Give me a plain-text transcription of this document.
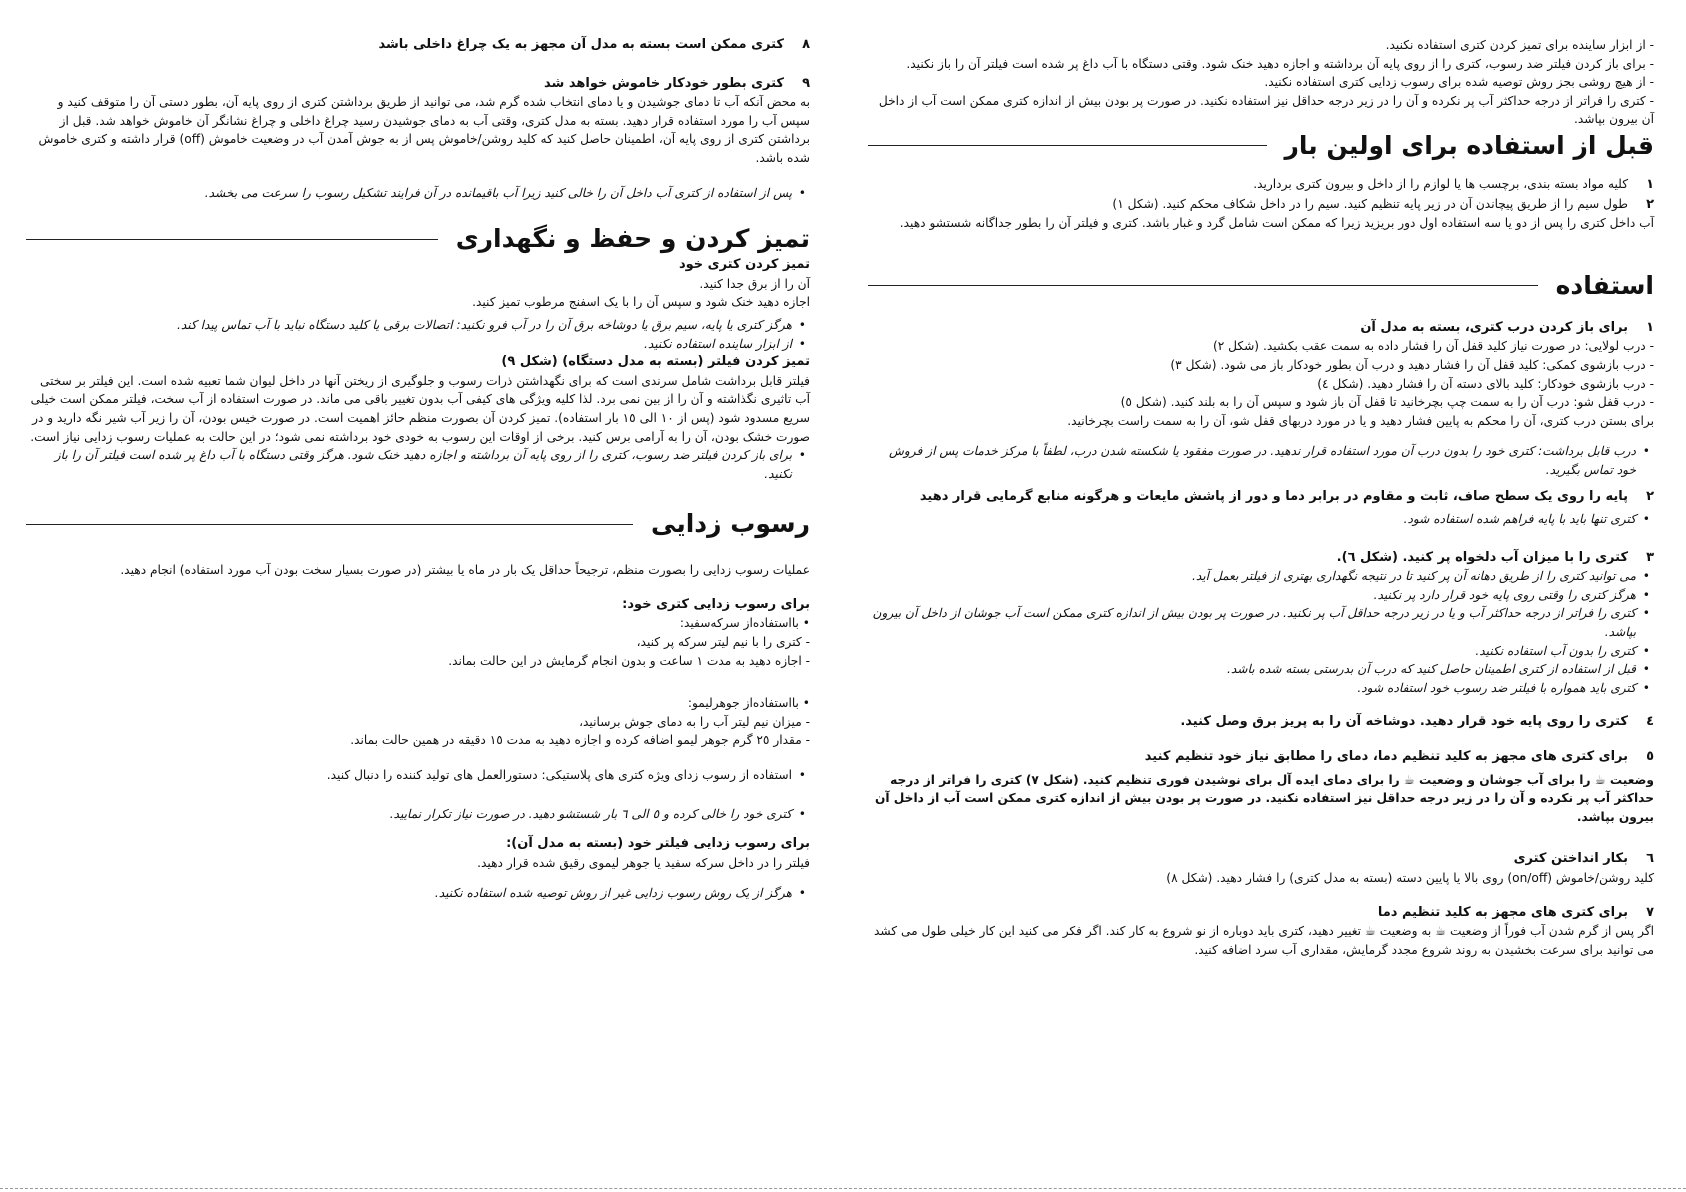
۸کتری ممکن است بسته به مدل آن مجهز به یک چراغ داخلی باشد

۹کتری بطور خودکار خاموش خواهد شد

به محض آنکه آب تا دمای جوشیدن و یا دمای انتخاب شده گرم شد، می توانید از طریق برداشتن کتری از روی پایه آن، بطور دستی آن را متوقف کنید و سپس آب را مورد استفاده قرار دهید. بسته به مدل کتری، وقتی آب به دمای جوشیدن رسید چراغ داخلی و چراغ نشانگر آن خاموش خواهد شد. قبل از برداشتن کتری از روی پایه آن، اطمینان حاصل کنید که کلید روشن/خاموش پس از به جوش آمدن آب در وضعیت خاموش (off) قرار داشته و کتری خاموش شده باشد.

• پس از استفاده از کتری آب داخل آن را خالی کنید زیرا آب باقیمانده در آن فرایند تشکیل رسوب را سرعت می بخشد.
تمیز کردن و حفظ و نگهداری

تمیز کردن کتری خود

آن را از برق جدا کنید.

اجازه دهید خنک شود و سپس آن را با یک اسفنج مرطوب تمیز کنید.

• هرگز کتری یا پایه، سیم برق یا دوشاخه برق آن را در آب فرو نکنید: اتصالات برقی یا کلید دستگاه نباید با آب تماس پیدا کند.
• از ابزار ساینده استفاده نکنید.

تمیز کردن فیلتر (بسته به مدل دستگاه) (شکل ۹)

فیلتر قابل برداشت شامل سرندی است که برای نگهداشتن ذرات رسوب و جلوگیری از ریختن آنها در داخل لیوان شما تعبیه شده است. این فیلتر بر سختی آب تاثیری نگذاشته و آن را از بین نمی برد. لذا کلیه ویژگی های کیفی آب بدون تغییر باقی می ماند. در صورت استفاده از آب سخت، فیلتر ممکن است خیلی سریع مسدود شود (پس از ۱۰ الی ۱٥ بار استفاده). تمیز کردن آن بصورت منظم حائز اهمیت است. در صورت خیس بودن، آن را زیر آب شیر نگه دارید و در صورت خشک بودن، آن را به آرامی برس کنید. برخی از اوقات این رسوب به خودی خود برداشته نمی شود؛ در این حالت به عملیات رسوب زدایی نیاز است.

• برای باز کردن فیلتر ضد رسوب، کتری را از روی پایه آن برداشته و اجازه دهید خنک شود. هرگز وقتی دستگاه با آب داغ پر شده است فیلتر آن را باز نکنید.
رسوب زدایی

عملیات رسوب زدایی را بصورت منظم، ترجیحاً حداقل یک بار در ماه یا بیشتر (در صورت بسیار سخت بودن آب مورد استفاده) انجام دهید.

برای رسوب زدایی کتری خود:

• بااستفاده‌از سرکه‌سفید:

- کتری را با نیم لیتر سرکه پر کنید،

- اجازه دهید به مدت ۱ ساعت و بدون انجام گرمایش در این حالت بماند.

• بااستفاده‌از جوهرلیمو:

- میزان نیم لیتر آب را به دمای جوش برسانید،

- مقدار ۲٥ گرم جوهر لیمو اضافه کرده و اجازه دهید به مدت ۱٥ دقیقه در همین حالت بماند.

• استفاده از رسوب زدای ویژه کتری های پلاستیکی: دستورالعمل های تولید کننده را دنبال کنید.
• کتری خود را خالی کرده و ٥ الی ٦ بار شستشو دهید. در صورت نیاز تکرار نمایید.

برای رسوب زدایی فیلتر خود (بسته به مدل آن):

فیلتر را در داخل سرکه سفید یا جوهر لیموی رقیق شده قرار دهید.

• هرگز از یک روش رسوب زدایی غیر از روش توصیه شده استفاده نکنید.

- از ابزار ساینده برای تمیز کردن کتری استفاده نکنید.

- برای باز کردن فیلتر ضد رسوب، کتری را از روی پایه آن برداشته و اجازه دهید خنک شود. وقتی دستگاه با آب داغ پر شده است فیلتر آن را باز نکنید.

- از هیچ روشی بجز روش توصیه شده برای رسوب زدایی کتری استفاده نکنید.

- کتری را فراتر از درجه حداکثر آب پر نکرده و آن را در زیر درجه حداقل نیز استفاده نکنید. در صورت پر بودن بیش از اندازه کتری ممکن است آب از داخل آن بیرون بپاشد.

قبل از استفاده برای اولین بار

۱کلیه مواد بسته بندی، برچسب ها یا لوازم را از داخل و بیرون کتری بردارید.

۲طول سیم را از طریق پیچاندن آن در زیر پایه تنظیم کنید. سیم را در داخل شکاف محکم کنید. (شکل ۱)

آب داخل کتری را پس از دو یا سه استفاده اول دور بریزید زیرا که ممکن است شامل گرد و غبار باشد. کتری و فیلتر آن را بطور جداگانه شستشو دهید.

استفاده

۱برای باز کردن درب کتری، بسته به مدل آن

- درب لولایی: در صورت نیاز کلید قفل آن را فشار داده به سمت عقب بکشید. (شکل ۲)

- درب بازشوی کمکی: کلید قفل آن را فشار دهید و درب آن بطور خودکار باز می شود. (شکل ۳)

- درب بازشوی خودکار: کلید بالای دسته آن را فشار دهید. (شکل ٤)

- درب قفل شو: درب آن را به سمت چپ بچرخانید تا قفل آن باز شود و سپس آن را به بلند کنید. (شکل ٥)

برای بستن درب کتری، آن را محکم به پایین فشار دهید و یا در مورد دربهای قفل شو، آن را به سمت راست بچرخانید.

• درب قابل برداشت: کتری خود را بدون درب آن مورد استفاده قرار ندهید. در صورت مفقود یا شکسته شدن درب، لطفاً با مرکز خدمات پس از فروش خود تماس بگیرید.

۲پایه را روی یک سطح صاف، ثابت و مقاوم در برابر دما و دور از پاشش مایعات و هرگونه منابع گرمایی قرار دهید

• کتری تنها باید با پایه فراهم شده استفاده شود.

۳کتری را با میزان آب دلخواه پر کنید. (شکل ٦).

• می توانید کتری را از طریق دهانه آن پر کنید تا در نتیجه نگهداری بهتری از فیلتر بعمل آید.
• هرگز کتری را وقتی روی پایه خود قرار دارد پر نکنید.
• کتری را فراتر از درجه حداکثر آب و یا در زیر درجه حداقل آب پر نکنید. در صورت پر بودن بیش از اندازه کتری ممکن است آب جوشان از داخل آن بیرون بپاشد.
• کتری را بدون آب استفاده نکنید.
• قبل از استفاده از کتری اطمینان حاصل کنید که درب آن بدرستی بسته شده باشد.
• کتری باید همواره با فیلتر ضد رسوب خود استفاده شود.

٤کتری را روی پایه خود قرار دهید. دوشاخه آن را به پریز برق وصل کنید.

٥برای کتری های مجهز به کلید تنظیم دما، دمای را مطابق نیاز خود تنظیم کنید

وضعیت ☕ را برای آب جوشان و وضعیت ☕ را برای دمای ایده آل برای نوشیدن فوری تنظیم کنید. (شکل ۷) کتری را فراتر از درجه حداکثر آب پر نکرده و آن را در زیر درجه حداقل نیز استفاده نکنید. در صورت پر بودن بیش از اندازه کتری ممکن است آب از داخل آن بیرون بپاشد.

٦بکار انداختن کتری

کلید روشن/خاموش (on/off) روی بالا یا پایین دسته (بسته به مدل کتری) را فشار دهید. (شکل ۸)

۷برای کتری های مجهز به کلید تنظیم دما

اگر پس از گرم شدن آب فوراً از وضعیت ☕ به وضعیت ☕ تغییر دهید، کتری باید دوباره از نو شروع به کار کند. اگر فکر می کنید این کار خیلی طول می کشد می توانید برای سرعت بخشیدن به روند شروع مجدد گرمایش، مقداری آب سرد اضافه کنید.
